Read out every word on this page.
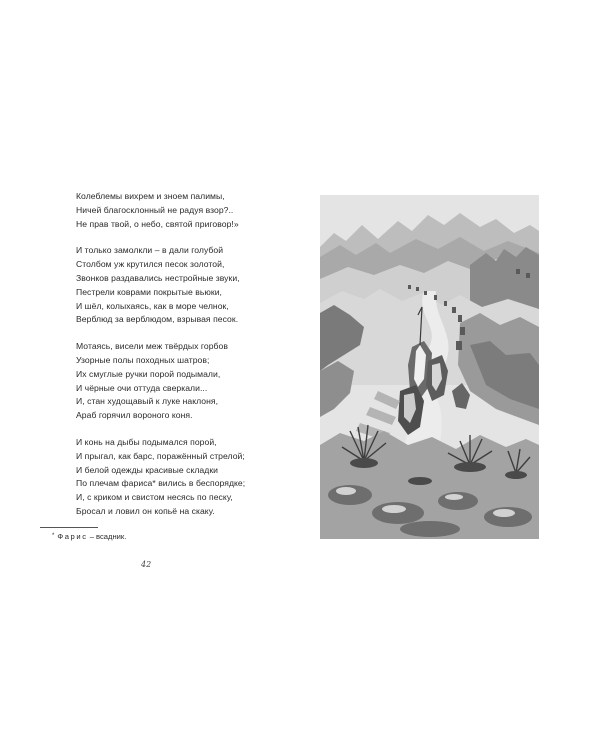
Колеблемы вихрем и зноем палимы,
Ничей благосклонный не радуя взор?..
Не прав твой, о небо, святой приговор!»
И только замолкли – в дали голубой
Столбом уж крутился песок золотой,
Звонков раздавались нестройные звуки,
Пестрели коврами покрытые вьюки,
И шёл, колыхаясь, как в море челнок,
Верблюд за верблюдом, взрывая песок.
Мотаясь, висели меж твёрдых горбов
Узорные полы походных шатров;
Их смуглые ручки порой подымали,
И чёрные очи оттуда сверкали...
И, стан худощавый к луке наклоня,
Араб горячил вороного коня.
И конь на дыбы подымался порой,
И прыгал, как барс, поражённый стрелой;
И белой одежды красивые складки
По плечам фариса* вились в беспорядке;
И, с криком и свистом несясь по песку,
Бросал и ловил он копьё на скаку.
* Фарис – всадник.
42
